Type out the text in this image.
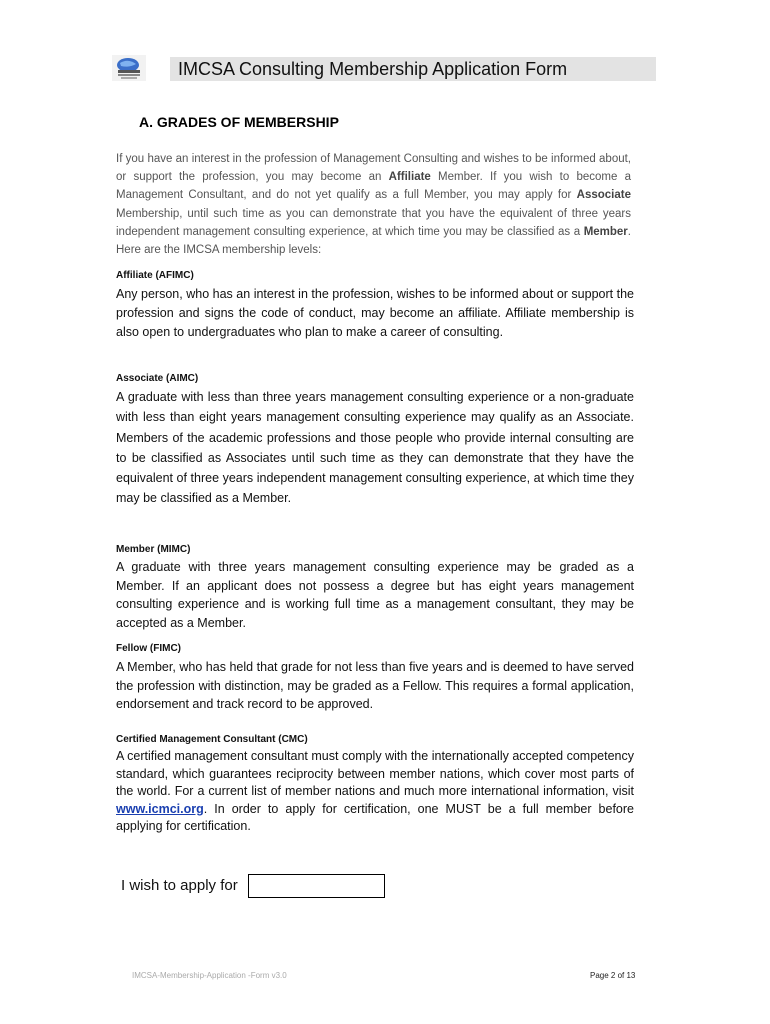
IMCSA Consulting Membership Application Form
A. GRADES OF MEMBERSHIP

If you have an interest in the profession of Management Consulting and wishes to be informed about, or support the profession, you may become an Affiliate Member. If you wish to become a Management Consultant, and do not yet qualify as a full Member, you may apply for Associate Membership, until such time as you can demonstrate that you have the equivalent of three years independent management consulting experience, at which time you may be classified as a Member. Here are the IMCSA membership levels:

Affiliate (AFIMC)

Any person, who has an interest in the profession, wishes to be informed about or support the profession and signs the code of conduct, may become an affiliate. Affiliate membership is also open to undergraduates who plan to make a career of consulting.

Associate (AIMC)

A graduate with less than three years management consulting experience or a non-graduate with less than eight years management consulting experience may qualify as an Associate. Members of the academic professions and those people who provide internal consulting are to be classified as Associates until such time as they can demonstrate that they have the equivalent of three years independent management consulting experience, at which time they may be classified as a Member.

Member (MIMC)

A graduate with three years management consulting experience may be graded as a Member. If an applicant does not possess a degree but has eight years management consulting experience and is working full time as a management consultant, they may be accepted as a Member.

Fellow (FIMC)

A Member, who has held that grade for not less than five years and is deemed to have served the profession with distinction, may be graded as a Fellow. This requires a formal application, endorsement and track record to be approved.

Certified Management Consultant (CMC)

A certified management consultant must comply with the internationally accepted competency standard, which guarantees reciprocity between member nations, which cover most parts of the world. For a current list of member nations and much more international information, visit www.icmci.org. In order to apply for certification, one MUST be a full member before applying for certification.

I wish to apply for
IMCSA-Membership-Application -Form v3.0	Page 2 of 13
